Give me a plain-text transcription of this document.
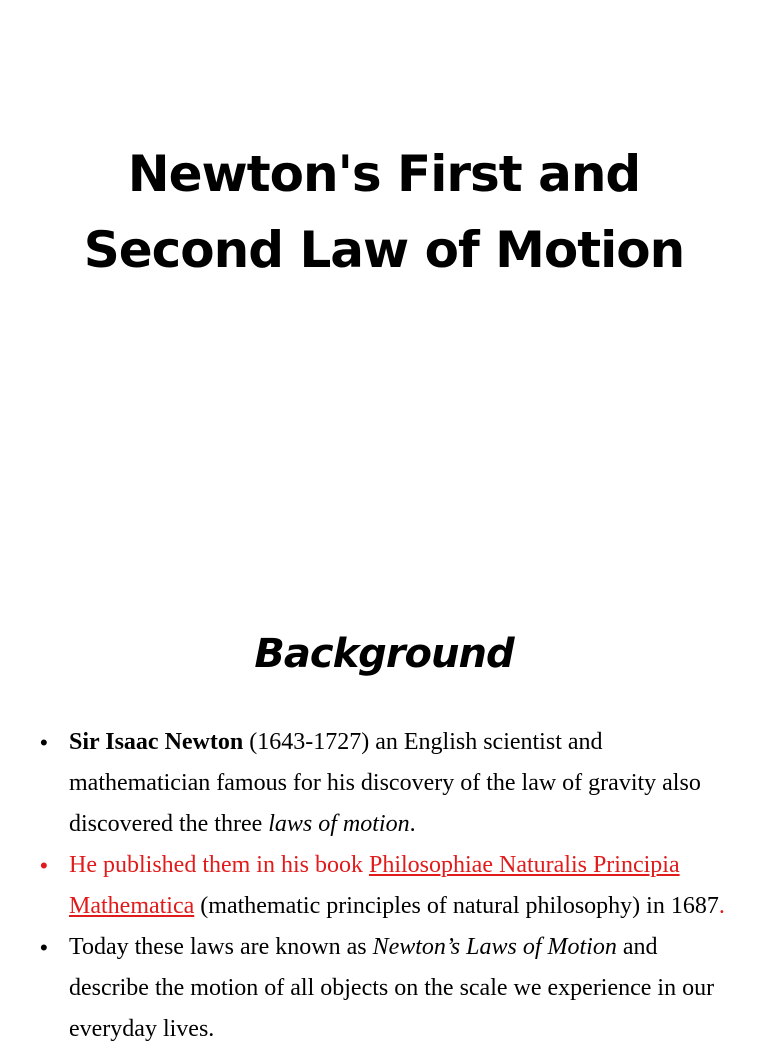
Newton's First and
Second Law of Motion
Background
• Sir Isaac Newton (1643-1727) an English scientist and mathematician famous for his discovery of the law of gravity also discovered the three laws of motion.
• He published them in his book Philosophiae Naturalis Principia Mathematica (mathematic principles of natural philosophy) in 1687.
• Today these laws are known as Newton’s Laws of Motion and describe the motion of all objects on the scale we experience in our everyday lives.
